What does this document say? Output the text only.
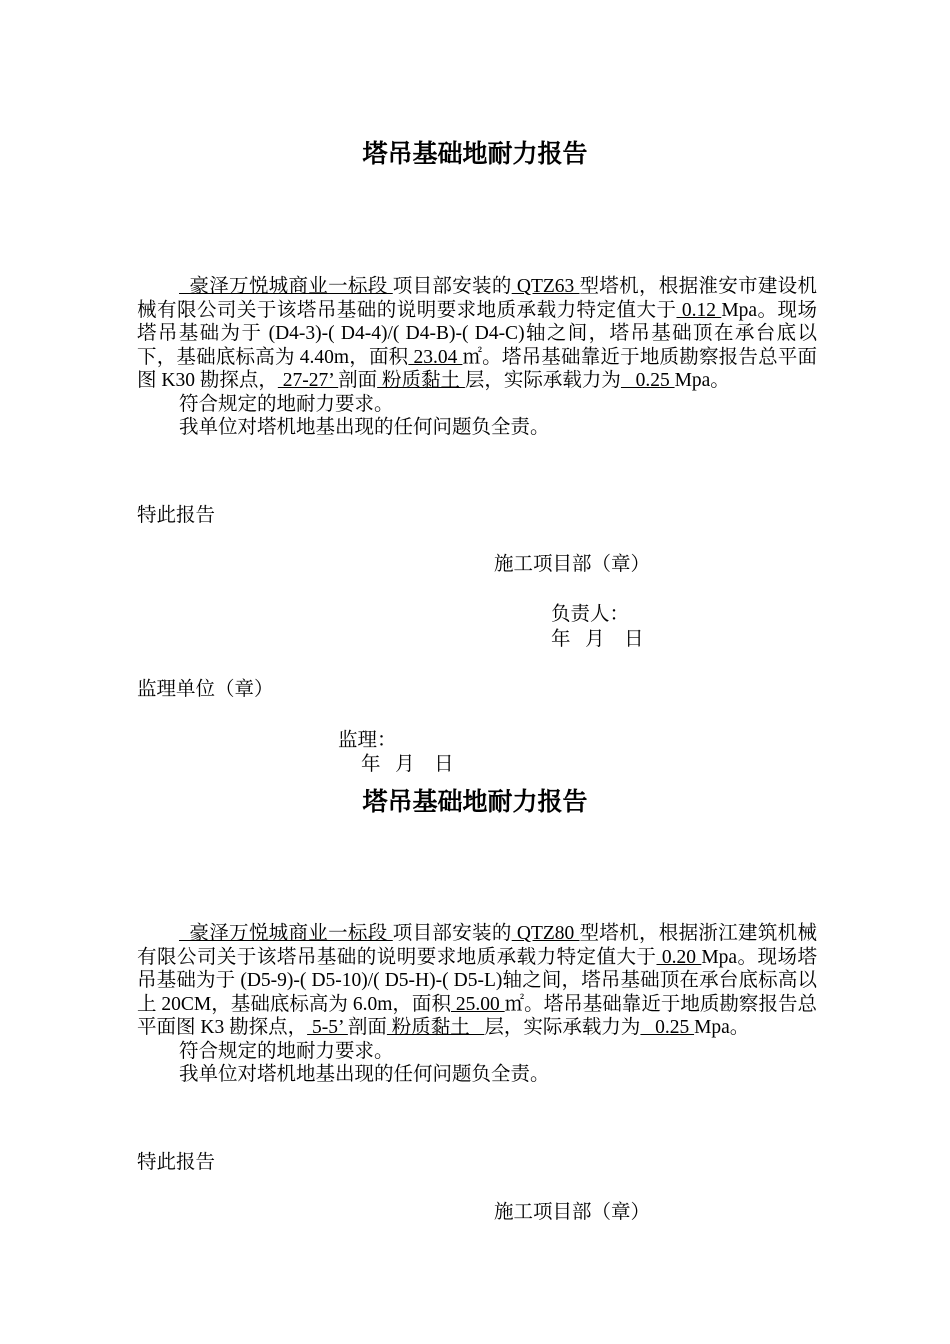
塔吊基础地耐力报告

豪泽万悦城商业一标段 项目部安装的 QTZ63 型塔机，根据淮安市建设机械有限公司关于该塔吊基础的说明要求地质承载力特定值大于 0.12 Mpa。现场塔吊基础为于 (D4-3)-( D4-4)/( D4-B)-( D4-C)轴之间，塔吊基础顶在承台底以下，基础底标高为 4.40m，面积 23.04 ㎡。塔吊基础靠近于地质勘察报告总平面图 K30 勘探点， 27-27’ 剖面 粉质黏土 层，实际承载力为   0.25 Mpa。

符合规定的地耐力要求。

我单位对塔机地基出现的任何问题负全责。

特此报告
施工项目部（章）
负责人：
年   月    日
监理单位（章）
监理：
年   月    日
塔吊基础地耐力报告

豪泽万悦城商业一标段 项目部安装的 QTZ80 型塔机，根据浙江建筑机械有限公司关于该塔吊基础的说明要求地质承载力特定值大于 0.20 Mpa。现场塔吊基础为于 (D5-9)-( D5-10)/( D5-H)-( D5-L)轴之间，塔吊基础顶在承台底标高以上 20CM，基础底标高为 6.0m，面积 25.00 ㎡。塔吊基础靠近于地质勘察报告总平面图 K3 勘探点， 5-5’ 剖面 粉质黏土   层，实际承载力为   0.25 Mpa。

符合规定的地耐力要求。

我单位对塔机地基出现的任何问题负全责。

特此报告
施工项目部（章）
